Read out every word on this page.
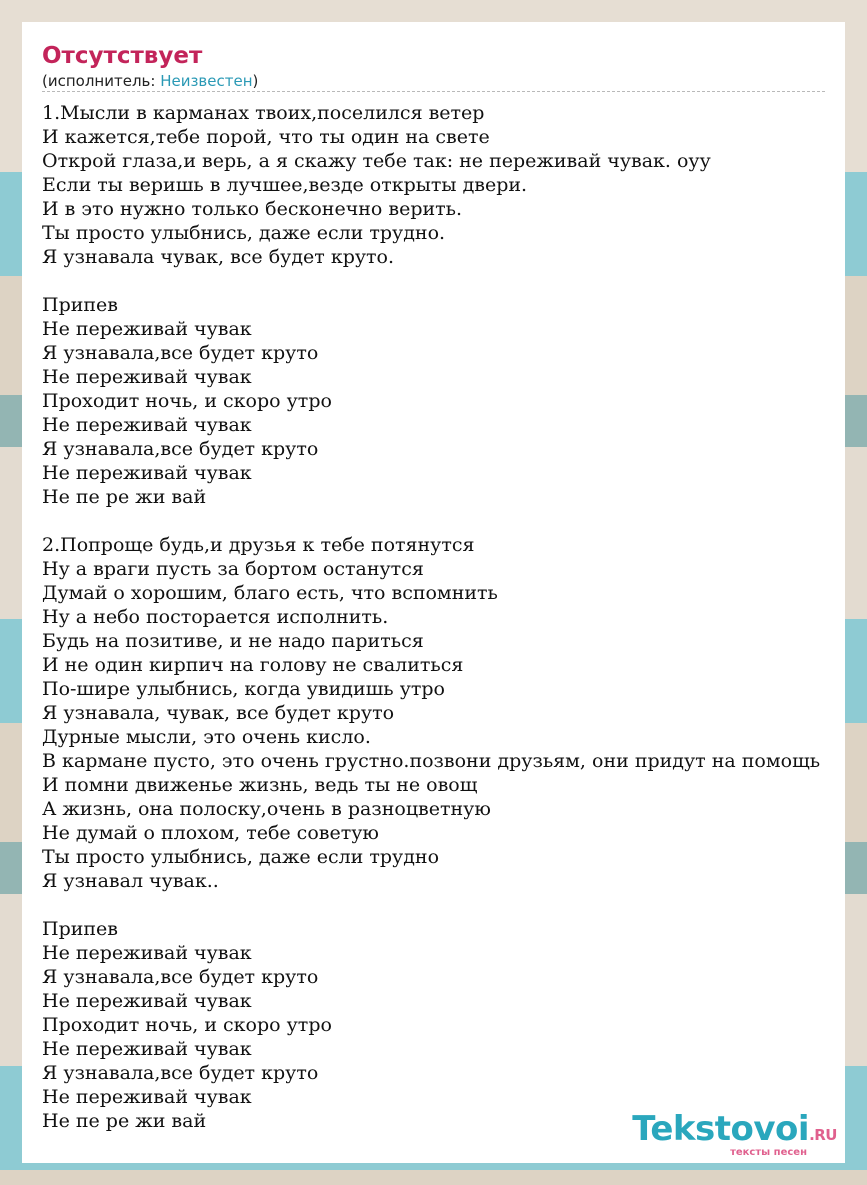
Отсутствует
(исполнитель: Неизвестен)
1.Мысли в карманах твоих,поселился ветер
И кажется,тебе порой, что ты один на свете
Открой глаза,и верь, а я скажу тебе так: не переживай чувак. оуу
Если ты веришь в лучшее,везде открыты двери.
И в это нужно только бесконечно верить.
Ты просто улыбнись, даже если трудно.
Я узнавала чувак, все будет круто.
Припев
Не переживай чувак
Я узнавала,все будет круто
Не переживай чувак
Проходит ночь, и скоро утро
Не переживай чувак
Я узнавала,все будет круто
Не переживай чувак
Не пе ре жи вай
2.Попроще будь,и друзья к тебе потянутся
Ну а враги пусть за бортом останутся
Думай о хорошим, благо есть, что вспомнить
Ну а небо посторается исполнить.
Будь на позитиве, и не надо париться
И не один кирпич на голову не свалиться
По-шире улыбнись, когда увидишь утро
Я узнавала, чувак, все будет круто
Дурные мысли, это очень кисло.
В кармане пусто, это очень грустно.позвони друзьям, они придут на помощь
И помни движенье жизнь, ведь ты не овощ
А жизнь, она полоску,очень в разноцветную
Не думай о плохом, тебе советую
Ты просто улыбнись, даже если трудно
Я узнавал чувак..
Припев
Не переживай чувак
Я узнавала,все будет круто
Не переживай чувак
Проходит ночь, и скоро утро
Не переживай чувак
Я узнавала,все будет круто
Не переживай чувак
Не пе ре жи вай	Tekstovoi.RU
тексты песен
